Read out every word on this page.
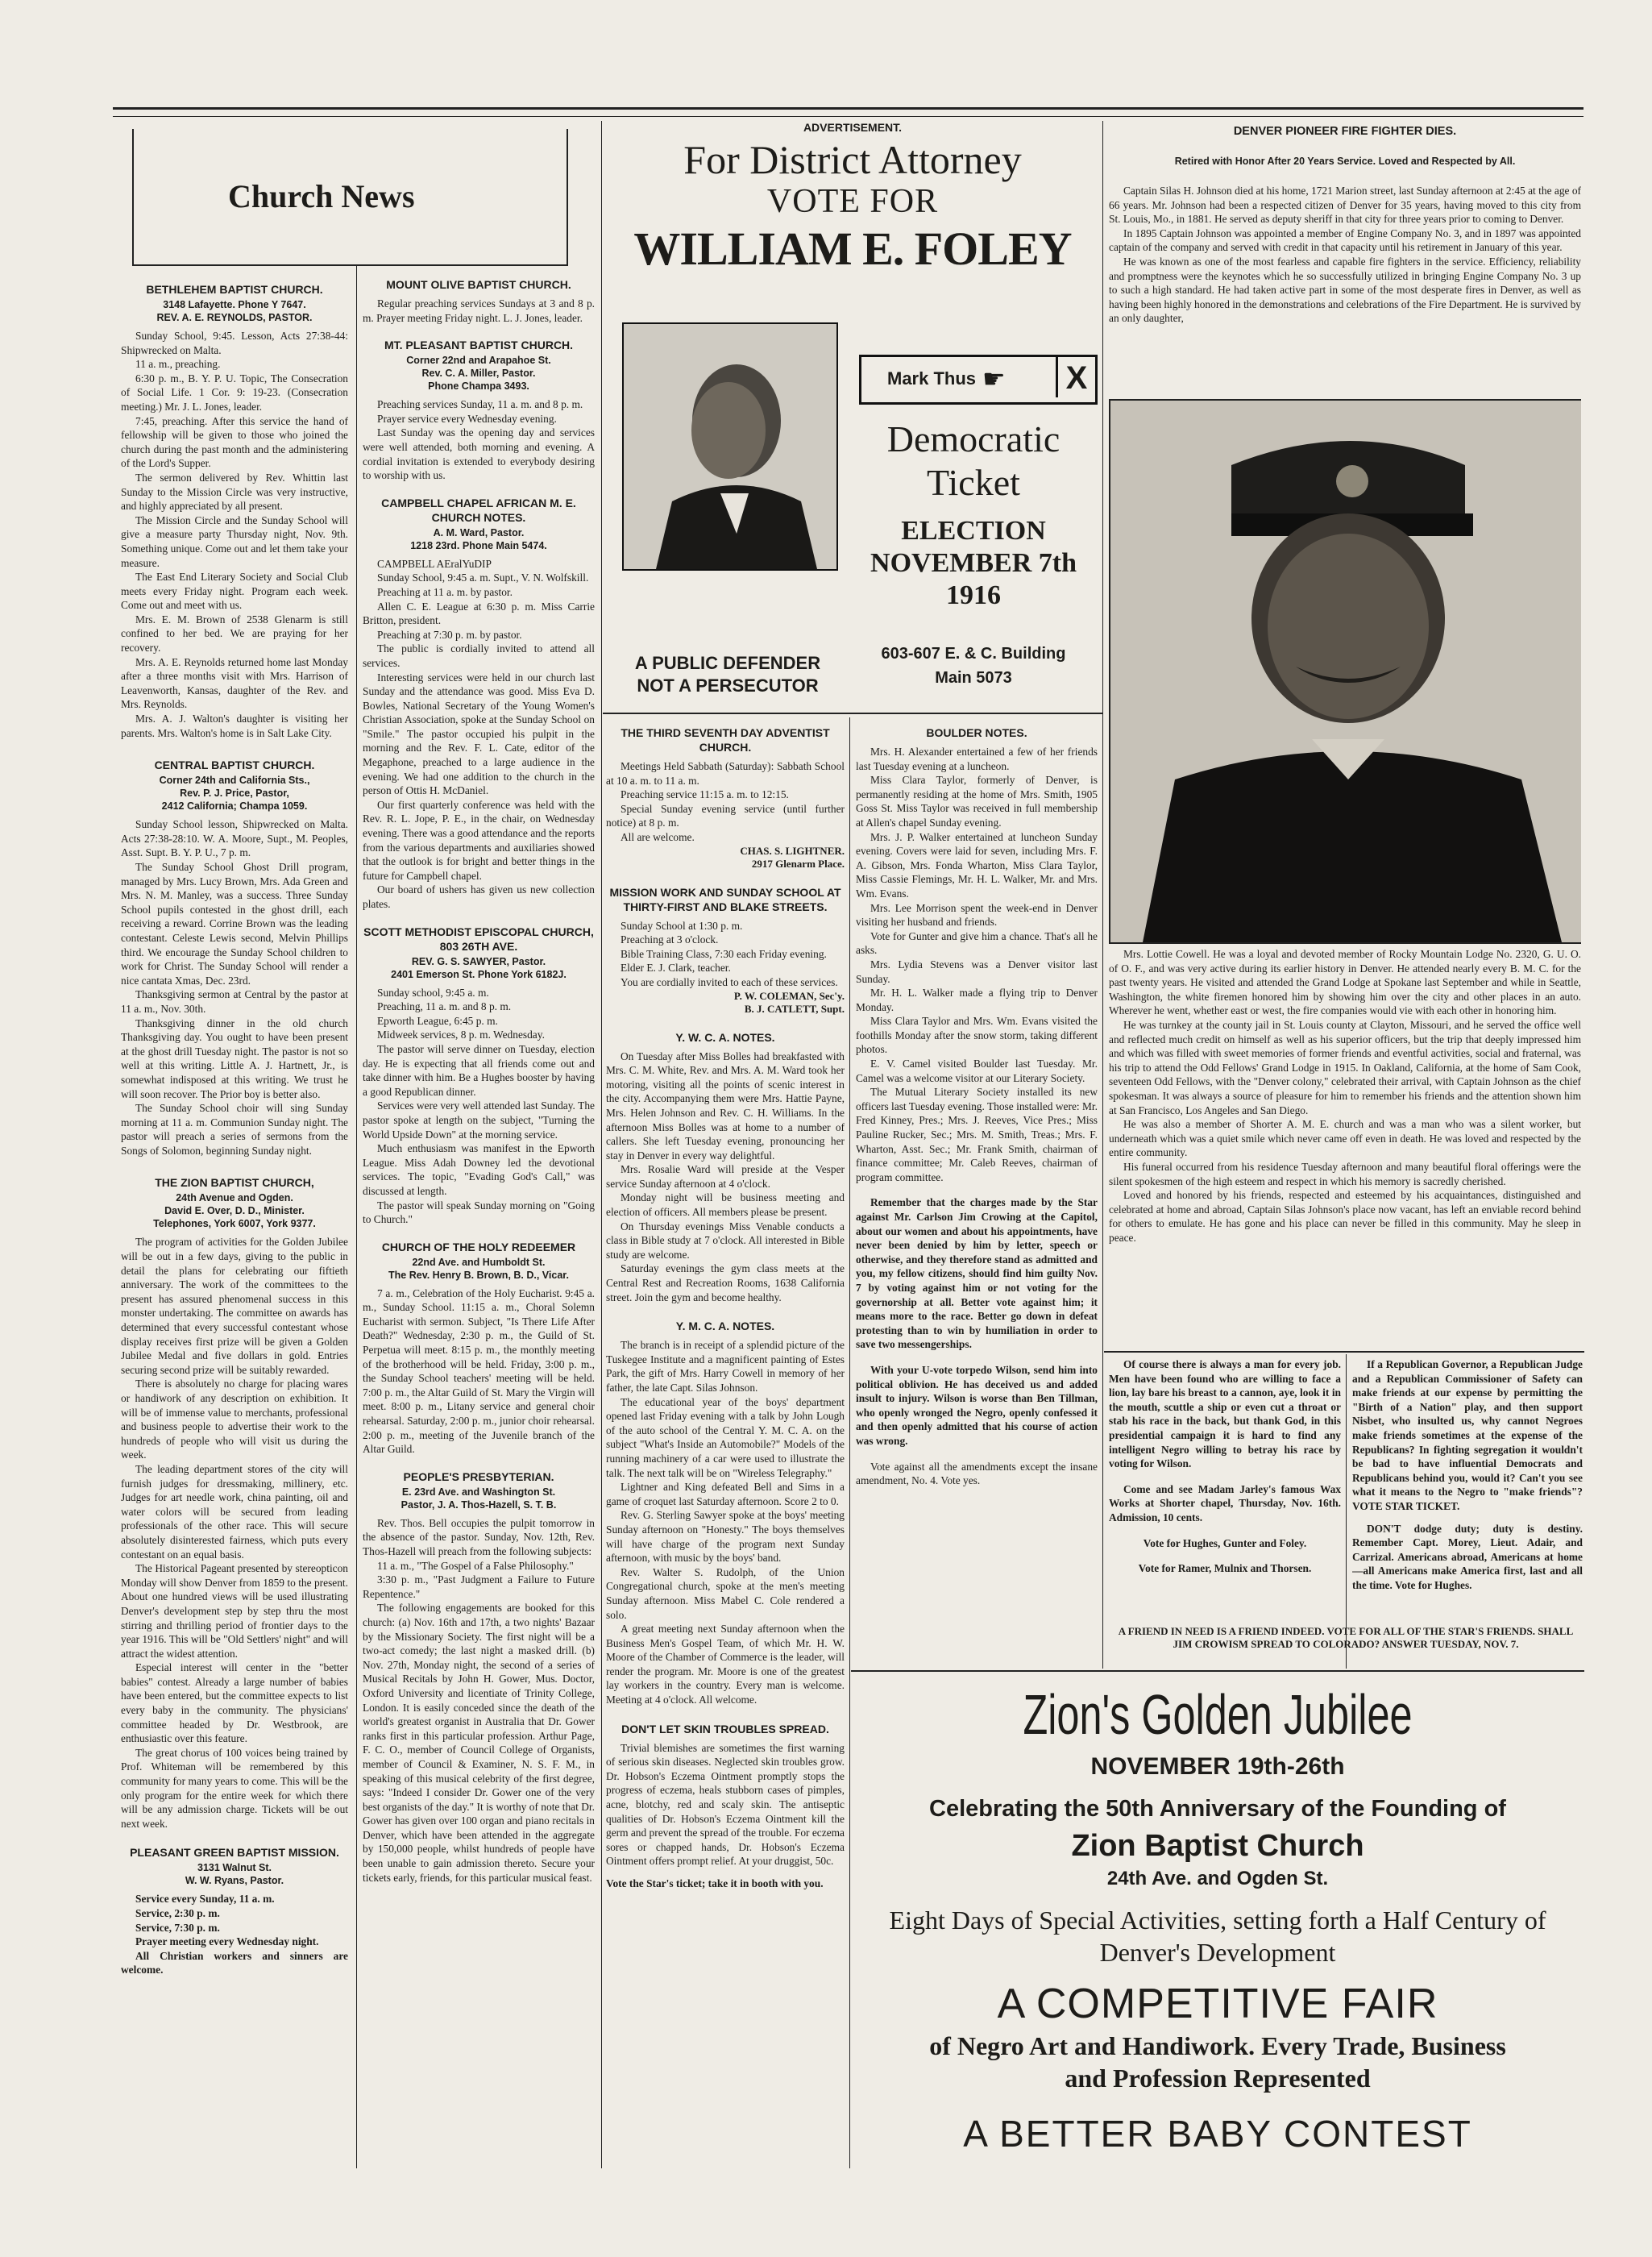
Church News
BETHLEHEM BAPTIST CHURCH.
3148 Lafayette. Phone Y 7647.
REV. A. E. REYNOLDS, PASTOR.

Sunday School, 9:45. Lesson, Acts 27:38-44: Shipwrecked on Malta.

11 a. m., preaching.

6:30 p. m., B. Y. P. U. Topic, The Consecration of Social Life. 1 Cor. 9: 19-23. (Consecration meeting.) Mr. J. L. Jones, leader.

7:45, preaching. After this service the hand of fellowship will be given to those who joined the church during the past month and the administering of the Lord's Supper.

The sermon delivered by Rev. Whittin last Sunday to the Mission Circle was very instructive, and highly appreciated by all present.

The Mission Circle and the Sunday School will give a measure party Thursday night, Nov. 9th. Something unique. Come out and let them take your measure.

The East End Literary Society and Social Club meets every Friday night. Program each week. Come out and meet with us.

Mrs. E. M. Brown of 2538 Glenarm is still confined to her bed. We are praying for her recovery.

Mrs. A. E. Reynolds returned home last Monday after a three months visit with Mrs. Harrison of Leavenworth, Kansas, daughter of the Rev. and Mrs. Reynolds.

Mrs. A. J. Walton's daughter is visiting her parents. Mrs. Walton's home is in Salt Lake City.

CENTRAL BAPTIST CHURCH.
Corner 24th and California Sts.,
Rev. P. J. Price, Pastor,
2412 California; Champa 1059.

Sunday School lesson, Shipwrecked on Malta. Acts 27:38-28:10. W. A. Moore, Supt., M. Peoples, Asst. Supt. B. Y. P. U., 7 p. m.

The Sunday School Ghost Drill program, managed by Mrs. Lucy Brown, Mrs. Ada Green and Mrs. N. M. Manley, was a success. Three Sunday School pupils contested in the ghost drill, each receiving a reward. Corrine Brown was the leading contestant. Celeste Lewis second, Melvin Phillips third. We encourage the Sunday School children to work for Christ. The Sunday School will render a nice cantata Xmas, Dec. 23rd.

Thanksgiving sermon at Central by the pastor at 11 a. m., Nov. 30th.

Thanksgiving dinner in the old church Thanksgiving day. You ought to have been present at the ghost drill Tuesday night. The pastor is not so well at this writing. Little A. J. Hartnett, Jr., is somewhat indisposed at this writing. We trust he will soon recover. The Prior boy is better also.

The Sunday School choir will sing Sunday morning at 11 a. m. Communion Sunday night. The pastor will preach a series of sermons from the Songs of Solomon, beginning Sunday night.

THE ZION BAPTIST CHURCH,
24th Avenue and Ogden.
David E. Over, D. D., Minister.
Telephones, York 6007, York 9377.

The program of activities for the Golden Jubilee will be out in a few days, giving to the public in detail the plans for celebrating our fiftieth anniversary. The work of the committees to the present has assured phenomenal success in this monster undertaking. The committee on awards has determined that every successful contestant whose display receives first prize will be given a Golden Jubilee Medal and five dollars in gold. Entries securing second prize will be suitably rewarded.

There is absolutely no charge for placing wares or handiwork of any description on exhibition. It will be of immense value to merchants, professional and business people to advertise their work to the hundreds of people who will visit us during the week.

The leading department stores of the city will furnish judges for dressmaking, millinery, etc. Judges for art needle work, china painting, oil and water colors will be secured from leading professionals of the other race. This will secure absolutely disinterested fairness, which puts every contestant on an equal basis.

The Historical Pageant presented by stereopticon Monday will show Denver from 1859 to the present. About one hundred views will be used illustrating Denver's development step by step thru the most stirring and thrilling period of frontier days to the year 1916. This will be "Old Settlers' night" and will attract the widest attention.

Especial interest will center in the "better babies" contest. Already a large number of babies have been entered, but the committee expects to list every baby in the community. The physicians' committee headed by Dr. Westbrook, are enthusiastic over this feature.

The great chorus of 100 voices being trained by Prof. Whiteman will be remembered by this community for many years to come. This will be the only program for the entire week for which there will be any admission charge. Tickets will be out next week.

PLEASANT GREEN BAPTIST MISSION.
3131 Walnut St.
W. W. Ryans, Pastor.

Service every Sunday, 11 a. m.

Service, 2:30 p. m.

Service, 7:30 p. m.

Prayer meeting every Wednesday night.

All Christian workers and sinners are welcome.

MOUNT OLIVE BAPTIST CHURCH.

Regular preaching services Sundays at 3 and 8 p. m. Prayer meeting Friday night. L. J. Jones, leader.

MT. PLEASANT BAPTIST CHURCH.
Corner 22nd and Arapahoe St.
Rev. C. A. Miller, Pastor.
Phone Champa 3493.

Preaching services Sunday, 11 a. m. and 8 p. m.

Prayer service every Wednesday evening.

Last Sunday was the opening day and services were well attended, both morning and evening. A cordial invitation is extended to everybody desiring to worship with us.

CAMPBELL CHAPEL AFRICAN M. E. CHURCH NOTES.
A. M. Ward, Pastor.
1218 23rd. Phone Main 5474.

CAMPBELL AEralYuDIP

Sunday School, 9:45 a. m. Supt., V. N. Wolfskill.

Preaching at 11 a. m. by pastor.

Allen C. E. League at 6:30 p. m. Miss Carrie Britton, president.

Preaching at 7:30 p. m. by pastor.

The public is cordially invited to attend all services.

Interesting services were held in our church last Sunday and the attendance was good. Miss Eva D. Bowles, National Secretary of the Young Women's Christian Association, spoke at the Sunday School on "Smile." The pastor occupied his pulpit in the morning and the Rev. F. L. Cate, editor of the Megaphone, preached to a large audience in the evening. We had one addition to the church in the person of Ottis H. McDaniel.

Our first quarterly conference was held with the Rev. R. L. Jope, P. E., in the chair, on Wednesday evening. There was a good attendance and the reports from the various departments and auxiliaries showed that the outlook is for bright and better things in the future for Campbell chapel.

Our board of ushers has given us new collection plates.

SCOTT METHODIST EPISCOPAL CHURCH, 803 26TH AVE.
REV. G. S. SAWYER, Pastor.
2401 Emerson St. Phone York 6182J.

Sunday school, 9:45 a. m.

Preaching, 11 a. m. and 8 p. m.

Epworth League, 6:45 p. m.

Midweek services, 8 p. m. Wednesday.

The pastor will serve dinner on Tuesday, election day. He is expecting that all friends come out and take dinner with him. Be a Hughes booster by having a good Republican dinner.

Services were very well attended last Sunday. The pastor spoke at length on the subject, "Turning the World Upside Down" at the morning service.

Much enthusiasm was manifest in the Epworth League. Miss Adah Downey led the devotional services. The topic, "Evading God's Call," was discussed at length.

The pastor will speak Sunday morning on "Going to Church."

CHURCH OF THE HOLY REDEEMER
22nd Ave. and Humboldt St.
The Rev. Henry B. Brown, B. D., Vicar.

7 a. m., Celebration of the Holy Eucharist. 9:45 a. m., Sunday School. 11:15 a. m., Choral Solemn Eucharist with sermon. Subject, "Is There Life After Death?" Wednesday, 2:30 p. m., the Guild of St. Perpetua will meet. 8:15 p. m., the monthly meeting of the brotherhood will be held. Friday, 3:00 p. m., the Sunday School teachers' meeting will be held. 7:00 p. m., the Altar Guild of St. Mary the Virgin will meet. 8:00 p. m., Litany service and general choir rehearsal. Saturday, 2:00 p. m., junior choir rehearsal. 2:00 p. m., meeting of the Juvenile branch of the Altar Guild.

PEOPLE'S PRESBYTERIAN.
E. 23rd Ave. and Washington St.
Pastor, J. A. Thos-Hazell, S. T. B.

Rev. Thos. Bell occupies the pulpit tomorrow in the absence of the pastor. Sunday, Nov. 12th, Rev. Thos-Hazell will preach from the following subjects:

11 a. m., "The Gospel of a False Philosophy."

3:30 p. m., "Past Judgment a Failure to Future Repentence."

The following engagements are booked for this church: (a) Nov. 16th and 17th, a two nights' Bazaar by the Missionary Society. The first night will be a two-act comedy; the last night a masked drill. (b) Nov. 27th, Monday night, the second of a series of Musical Recitals by John H. Gower, Mus. Doctor, Oxford University and licentiate of Trinity College, London. It is easily conceded since the death of the world's greatest organist in Australia that Dr. Gower ranks first in this particular profession. Arthur Page, F. C. O., member of Council College of Organists, member of Council & Examiner, N. S. F. M., in speaking of this musical celebrity of the first degree, says: "Indeed I consider Dr. Gower one of the very best organists of the day." It is worthy of note that Dr. Gower has given over 100 organ and piano recitals in Denver, which have been attended in the aggregate by 150,000 people, whilst hundreds of people have been unable to gain admission thereto. Secure your tickets early, friends, for this particular musical feast.

ADVERTISEMENT.
For District Attorney
VOTE FOR
WILLIAM E. FOLEY
A PUBLIC DEFENDER
NOT A PERSECUTOR
Mark Thus ☛	X
Democratic
Ticket
ELECTION
NOVEMBER 7th
1916
603-607 E. & C. Building
Main 5073
THE THIRD SEVENTH DAY ADVENTIST CHURCH.

Meetings Held Sabbath (Saturday): Sabbath School at 10 a. m. to 11 a. m.

Preaching service 11:15 a. m. to 12:15.

Special Sunday evening service (until further notice) at 8 p. m.

All are welcome.

CHAS. S. LIGHTNER.
2917 Glenarm Place.
MISSION WORK AND SUNDAY SCHOOL AT THIRTY-FIRST AND BLAKE STREETS.

Sunday School at 1:30 p. m.

Preaching at 3 o'clock.

Bible Training Class, 7:30 each Friday evening.

Elder E. J. Clark, teacher.

You are cordially invited to each of these services.

P. W. COLEMAN, Sec'y.
B. J. CATLETT, Supt.
Y. W. C. A. NOTES.

On Tuesday after Miss Bolles had breakfasted with Mrs. C. M. White, Rev. and Mrs. A. M. Ward took her motoring, visiting all the points of scenic interest in the city. Accompanying them were Mrs. Hattie Payne, Mrs. Helen Johnson and Rev. C. H. Williams. In the afternoon Miss Bolles was at home to a number of callers. She left Tuesday evening, pronouncing her stay in Denver in every way delightful.

Mrs. Rosalie Ward will preside at the Vesper service Sunday afternoon at 4 o'clock.

Monday night will be business meeting and election of officers. All members please be present.

On Thursday evenings Miss Venable conducts a class in Bible study at 7 o'clock. All interested in Bible study are welcome.

Saturday evenings the gym class meets at the Central Rest and Recreation Rooms, 1638 California street. Join the gym and become healthy.

Y. M. C. A. NOTES.

The branch is in receipt of a splendid picture of the Tuskegee Institute and a magnificent painting of Estes Park, the gift of Mrs. Harry Cowell in memory of her father, the late Capt. Silas Johnson.

The educational year of the boys' department opened last Friday evening with a talk by John Lough of the auto school of the Central Y. M. C. A. on the subject "What's Inside an Automobile?" Models of the running machinery of a car were used to illustrate the talk. The next talk will be on "Wireless Telegraphy."

Lightner and King defeated Bell and Sims in a game of croquet last Saturday afternoon. Score 2 to 0.

Rev. G. Sterling Sawyer spoke at the boys' meeting Sunday afternoon on "Honesty." The boys themselves will have charge of the program next Sunday afternoon, with music by the boys' band.

Rev. Walter S. Rudolph, of the Union Congregational church, spoke at the men's meeting Sunday afternoon. Miss Mabel C. Cole rendered a solo.

A great meeting next Sunday afternoon when the Business Men's Gospel Team, of which Mr. H. W. Moore of the Chamber of Commerce is the leader, will render the program. Mr. Moore is one of the greatest lay workers in the country. Every man is welcome. Meeting at 4 o'clock. All welcome.

DON'T LET SKIN TROUBLES SPREAD.

Trivial blemishes are sometimes the first warning of serious skin diseases. Neglected skin troubles grow. Dr. Hobson's Eczema Ointment promptly stops the progress of eczema, heals stubborn cases of pimples, acne, blotchy, red and scaly skin. The antiseptic qualities of Dr. Hobson's Eczema Ointment kill the germ and prevent the spread of the trouble. For eczema sores or chapped hands, Dr. Hobson's Eczema Ointment offers prompt relief. At your druggist, 50c.

Vote the Star's ticket; take it in booth with you.
BOULDER NOTES.

Mrs. H. Alexander entertained a few of her friends last Tuesday evening at a luncheon.

Miss Clara Taylor, formerly of Denver, is permanently residing at the home of Mrs. Smith, 1905 Goss St. Miss Taylor was received in full membership at Allen's chapel Sunday evening.

Mrs. J. P. Walker entertained at luncheon Sunday evening. Covers were laid for seven, including Mrs. F. A. Gibson, Mrs. Fonda Wharton, Miss Clara Taylor, Miss Cassie Flemings, Mr. H. L. Walker, Mr. and Mrs. Wm. Evans.

Mrs. Lee Morrison spent the week-end in Denver visiting her husband and friends.

Vote for Gunter and give him a chance. That's all he asks.

Mrs. Lydia Stevens was a Denver visitor last Sunday.

Mr. H. L. Walker made a flying trip to Denver Monday.

Miss Clara Taylor and Mrs. Wm. Evans visited the foothills Monday after the snow storm, taking different photos.

E. V. Camel visited Boulder last Tuesday. Mr. Camel was a welcome visitor at our Literary Society.

The Mutual Literary Society installed its new officers last Tuesday evening. Those installed were: Mr. Fred Kinney, Pres.; Mrs. J. Reeves, Vice Pres.; Miss Pauline Rucker, Sec.; Mrs. M. Smith, Treas.; Mrs. F. Wharton, Asst. Sec.; Mr. Frank Smith, chairman of finance committee; Mr. Caleb Reeves, chairman of program committee.

Remember that the charges made by the Star against Mr. Carlson Jim Crowing at the Capitol, about our women and about his appointments, have never been denied by him by letter, speech or otherwise, and they therefore stand as admitted and you, my fellow citizens, should find him guilty Nov. 7 by voting against him or not voting for the governorship at all. Better vote against him; it means more to the race. Better go down in defeat protesting than to win by humiliation in order to save two messengerships.
With your U-vote torpedo Wilson, send him into political oblivion. He has deceived us and added insult to injury. Wilson is worse than Ben Tillman, who openly wronged the Negro, openly confessed it and then openly admitted that his course of action was wrong.
Vote against all the amendments except the insane amendment, No. 4. Vote yes.
DENVER PIONEER FIRE FIGHTER DIES.
Retired with Honor After 20 Years Service. Loved and Respected by All.

Captain Silas H. Johnson died at his home, 1721 Marion street, last Sunday afternoon at 2:45 at the age of 66 years. Mr. Johnson had been a respected citizen of Denver for 35 years, having moved to this city from St. Louis, Mo., in 1881. He served as deputy sheriff in that city for three years prior to coming to Denver.

In 1895 Captain Johnson was appointed a member of Engine Company No. 3, and in 1897 was appointed captain of the company and served with credit in that capacity until his retirement in January of this year.

He was known as one of the most fearless and capable fire fighters in the service. Efficiency, reliability and promptness were the keynotes which he so successfully utilized in bringing Engine Company No. 3 up to such a high standard. He had taken active part in some of the most desperate fires in Denver, as well as having been highly honored in the demonstrations and celebrations of the Fire Department. He is survived by an only daughter,

Mrs. Lottie Cowell. He was a loyal and devoted member of Rocky Mountain Lodge No. 2320, G. U. O. of O. F., and was very active during its earlier history in Denver. He attended nearly every B. M. C. for the past twenty years. He visited and attended the Grand Lodge at Spokane last September and while in Seattle, Washington, the white firemen honored him by showing him over the city and other places in an auto. Wherever he went, whether east or west, the fire companies would vie with each other in honoring him.

He was turnkey at the county jail in St. Louis county at Clayton, Missouri, and he served the office well and reflected much credit on himself as well as his superior officers, but the trip that deeply impressed him and which was filled with sweet memories of former friends and eventful activities, social and fraternal, was his trip to attend the Odd Fellows' Grand Lodge in 1915. In Oakland, California, at the home of Sam Cook, seventeen Odd Fellows, with the "Denver colony," celebrated their arrival, with Captain Johnson as the chief spokesman. It was always a source of pleasure for him to remember his friends and the attention shown him at San Francisco, Los Angeles and San Diego.

He was also a member of Shorter A. M. E. church and was a man who was a silent worker, but underneath which was a quiet smile which never came off even in death. He was loved and respected by the entire community.

His funeral occurred from his residence Tuesday afternoon and many beautiful floral offerings were the silent spokesmen of the high esteem and respect in which his memory is sacredly cherished.

Loved and honored by his friends, respected and esteemed by his acquaintances, distinguished and celebrated at home and abroad, Captain Silas Johnson's place now vacant, has left an enviable record behind for others to emulate. He has gone and his place can never be filled in this community. May he sleep in peace.

Of course there is always a man for every job. Men have been found who are willing to face a lion, lay bare his breast to a cannon, aye, look it in the mouth, scuttle a ship or even cut a throat or stab his race in the back, but thank God, in this presidential campaign it is hard to find any intelligent Negro willing to betray his race by voting for Wilson.
Come and see Madam Jarley's famous Wax Works at Shorter chapel, Thursday, Nov. 16th. Admission, 10 cents.
Vote for Hughes, Gunter and Foley.
Vote for Ramer, Mulnix and Thorsen.
If a Republican Governor, a Republican Judge and a Republican Commissioner of Safety can make friends at our expense by permitting the "Birth of a Nation" play, and then support Nisbet, who insulted us, why cannot Negroes make friends sometimes at the expense of the Republicans? In fighting segregation it wouldn't be bad to have influential Democrats and Republicans behind you, would it? Can't you see what it means to the Negro to "make friends"? VOTE STAR TICKET.
DON'T dodge duty; duty is destiny. Remember Capt. Morey, Lieut. Adair, and Carrizal. Americans abroad, Americans at home—all Americans make America first, last and all the time. Vote for Hughes.
A FRIEND IN NEED IS A FRIEND INDEED. VOTE FOR ALL OF THE STAR'S FRIENDS. SHALL JIM CROWISM SPREAD TO COLORADO? ANSWER TUESDAY, NOV. 7.
Zion's Golden Jubilee
NOVEMBER 19th-26th
Celebrating the 50th Anniversary of the Founding of
Zion Baptist Church
24th Ave. and Ogden St.
Eight Days of Special Activities, setting forth a Half Century of
Denver's Development
A COMPETITIVE FAIR
of Negro Art and Handiwork. Every Trade, Business
and Profession Represented
A BETTER BABY CONTEST
